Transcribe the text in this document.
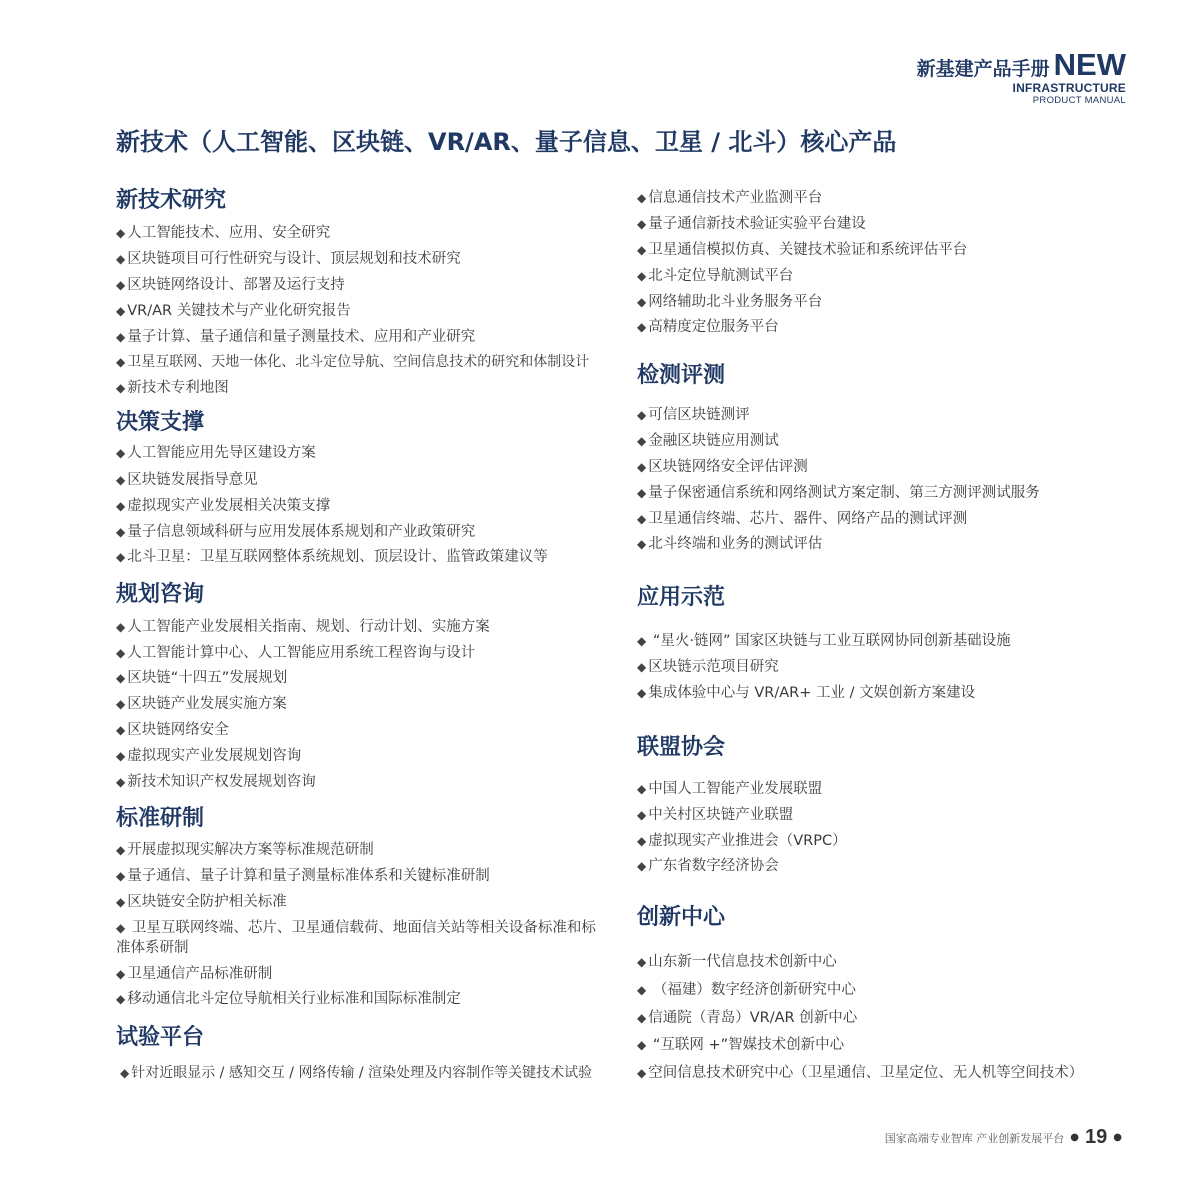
新基建产品手册 NEW
INFRASTRUCTURE
PRODUCT MANUAL
新技术（人工智能、区块链、VR/AR、量子信息、卫星 / 北斗）核心产品
新技术研究
◆ 人工智能技术、应用、安全研究
◆ 区块链项目可行性研究与设计、顶层规划和技术研究
◆ 区块链网络设计、部署及运行支持
◆ VR/AR 关键技术与产业化研究报告
◆ 量子计算、量子通信和量子测量技术、应用和产业研究
◆ 卫星互联网、天地一体化、北斗定位导航、空间信息技术的研究和体制设计
◆ 新技术专利地图
决策支撑
◆ 人工智能应用先导区建设方案
◆ 区块链发展指导意见
◆ 虚拟现实产业发展相关决策支撑
◆ 量子信息领域科研与应用发展体系规划和产业政策研究
◆ 北斗卫星：卫星互联网整体系统规划、顶层设计、监管政策建议等
规划咨询
◆ 人工智能产业发展相关指南、规划、行动计划、实施方案
◆ 人工智能计算中心、人工智能应用系统工程咨询与设计
◆ 区块链“十四五”发展规划
◆ 区块链产业发展实施方案
◆ 区块链网络安全
◆ 虚拟现实产业发展规划咨询
◆ 新技术知识产权发展规划咨询
标准研制
◆ 开展虚拟现实解决方案等标准规范研制
◆ 量子通信、量子计算和量子测量标准体系和关键标准研制
◆ 区块链安全防护相关标准
◆ 卫星互联网终端、芯片、卫星通信载荷、地面信关站等相关设备标准和标准体系研制
◆ 卫星通信产品标准研制
◆ 移动通信北斗定位导航相关行业标准和国际标准制定
试验平台
◆ 针对近眼显示 / 感知交互 / 网络传输 / 渲染处理及内容制作等关键技术试验
◆ 信息通信技术产业监测平台
◆ 量子通信新技术验证实验平台建设
◆ 卫星通信模拟仿真、关键技术验证和系统评估平台
◆ 北斗定位导航测试平台
◆ 网络辅助北斗业务服务平台
◆ 高精度定位服务平台
检测评测
◆ 可信区块链测评
◆ 金融区块链应用测试
◆ 区块链网络安全评估评测
◆ 量子保密通信系统和网络测试方案定制、第三方测评测试服务
◆ 卫星通信终端、芯片、器件、网络产品的测试评测
◆ 北斗终端和业务的测试评估
应用示范
◆ “星火·链网” 国家区块链与工业互联网协同创新基础设施
◆ 区块链示范项目研究
◆ 集成体验中心与 VR/AR+ 工业 / 文娱创新方案建设
联盟协会
◆ 中国人工智能产业发展联盟
◆ 中关村区块链产业联盟
◆ 虚拟现实产业推进会（VRPC）
◆ 广东省数字经济协会
创新中心
◆ 山东新一代信息技术创新中心
◆ （福建）数字经济创新研究中心
◆ 信通院（青岛）VR/AR 创新中心
◆ “互联网 +”智媒技术创新中心
◆ 空间信息技术研究中心（卫星通信、卫星定位、无人机等空间技术）
国家高端专业智库 产业创新发展平台 ● 19 ●
